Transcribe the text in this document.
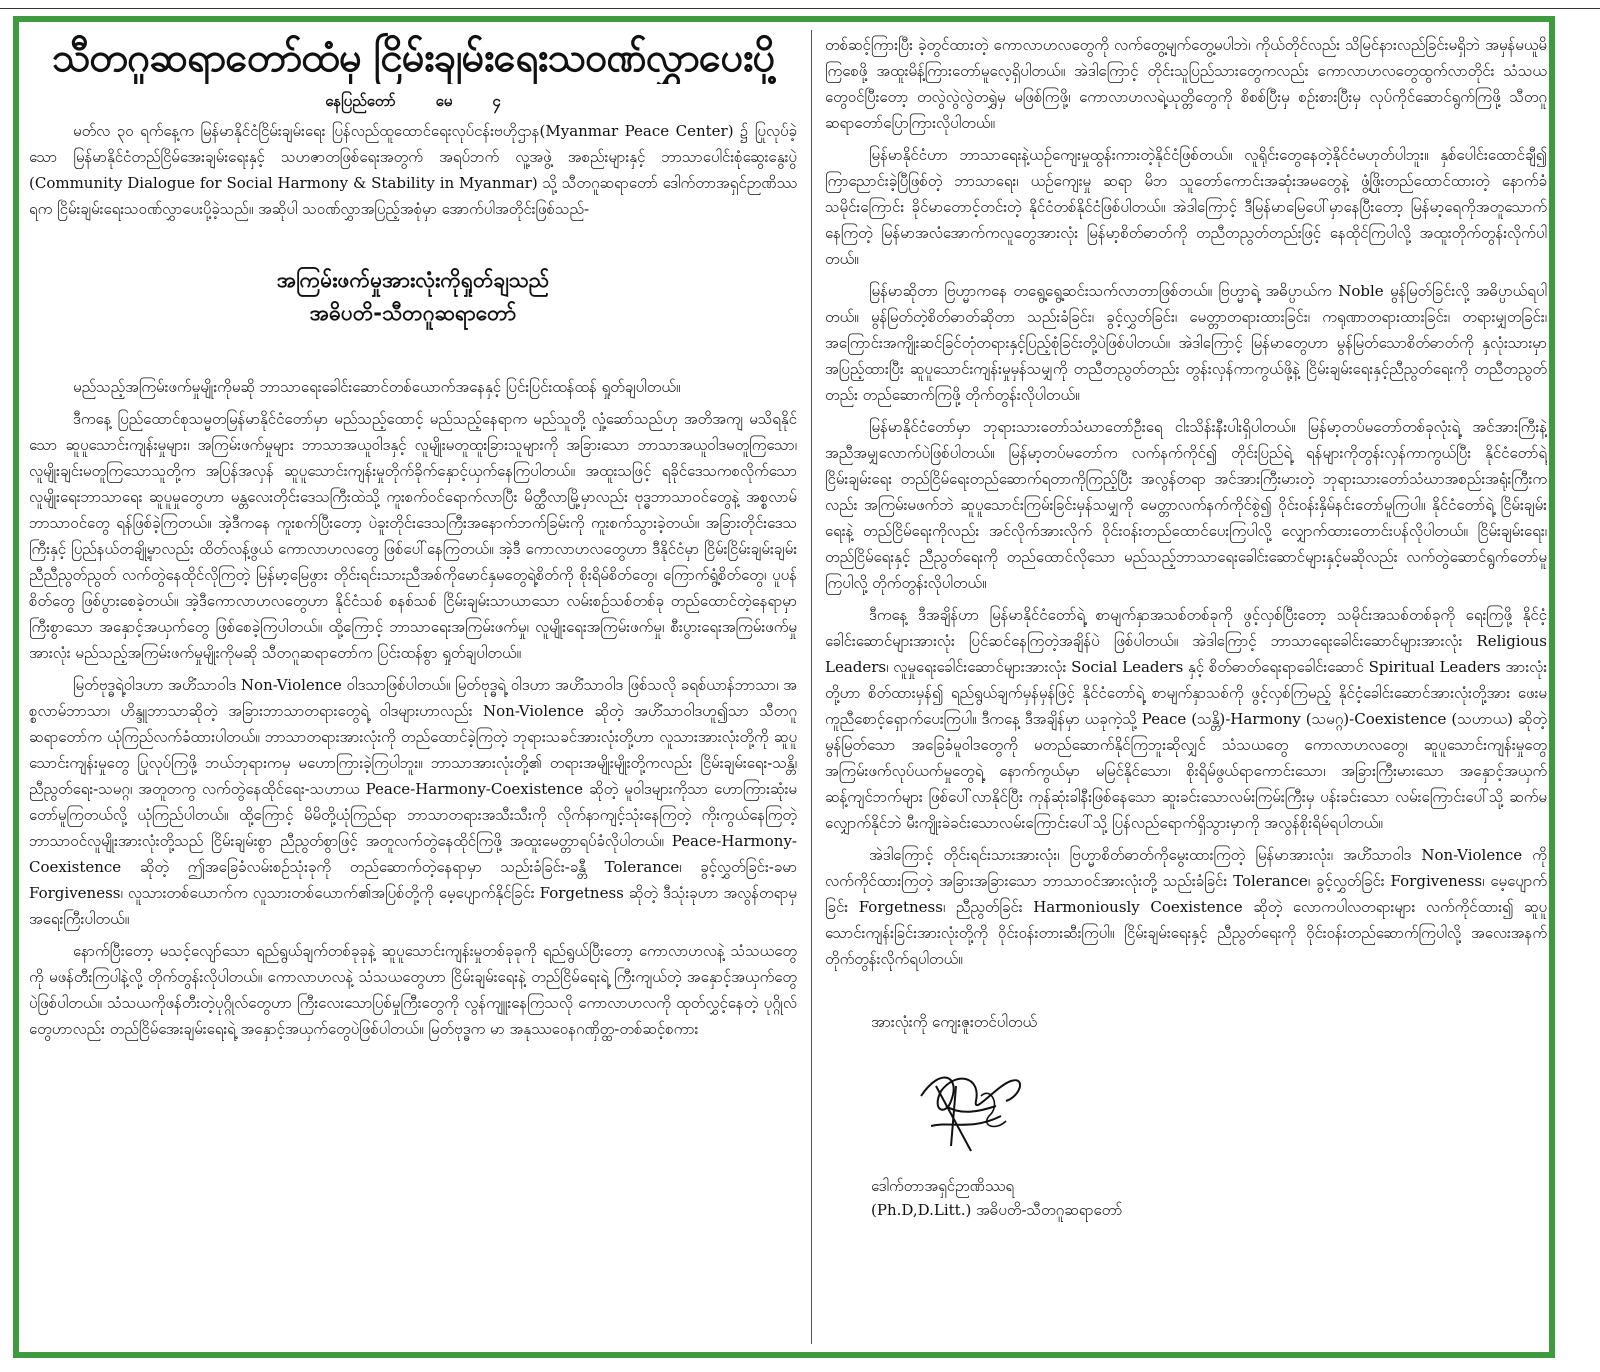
သီတဂူဆရာတော်ထံမှ ငြိမ်းချမ်းရေးသဝဏ်လွှာပေးပို့
နေပြည်တော်	မေ	၄

မတ်လ ၃၀ ရက်နေ့က မြန်မာနိုင်ငံငြိမ်းချမ်းရေး ပြန်လည်ထူထောင်ရေးလုပ်ငန်းဗဟိုဌာန(Myanmar Peace Center) ၌ ပြုလုပ်ခဲ့သော မြန်မာနိုင်ငံတည်ငြိမ်အေးချမ်းရေးနှင့် သဟဇာတဖြစ်ရေးအတွက် အရပ်ဘက် လူ့အဖွဲ့ အစည်းများနှင့် ဘာသာပေါင်းစုံဆွေးနွေးပွဲ (Community Dialogue for Social Harmony & Stability in Myanmar) သို့ သီတဂူဆရာတော် ဒေါက်တာအရှင်ဉာဏိဿရက ငြိမ်းချမ်းရေးသဝဏ်လွှာပေးပို့ခဲ့သည်။ အဆိုပါ သဝဏ်လွှာအပြည့်အစုံမှာ အောက်ပါအတိုင်းဖြစ်သည်-

အကြမ်းဖက်မှုအားလုံးကိုရှုတ်ချသည်
အဓိပတိ-သီတဂူဆရာတော်

မည်သည့်အကြမ်းဖက်မှုမျိုးကိုမဆို ဘာသာရေးခေါင်းဆောင်တစ်ယောက်အနေနှင့် ပြင်းပြင်းထန်ထန် ရှုတ်ချပါတယ်။

ဒီကနေ့ ပြည်ထောင်စုသမ္မတမြန်မာနိုင်ငံတော်မှာ မည်သည့်ထောင့် မည်သည့်နေရာက မည်သူတို့ လှုံ့ဆော်သည်ဟု အတိအကျ မသိရနိုင်သော ဆူပူသောင်းကျန်းမှုများ၊ အကြမ်းဖက်မှုများ ဘာသာအယူဝါဒနှင့် လူမျိုးမတူထူးခြားသူများကို အခြားသော ဘာသာအယူဝါဒမတူကြသော၊ လူမျိုးချင်းမတူကြသောသူတို့က အပြန်အလှန် ဆူပူသောင်းကျန်းမှုတိုက်ခိုက်နှောင့်ယှက်နေကြပါတယ်။ အထူးသဖြင့် ရခိုင်ဒေသကစလိုက်သော လူမျိုးရေးဘာသာရေး ဆူပူမှုတွေဟာ မန္တလေးတိုင်းဒေသကြီးထဲသို့ ကူးစက်ဝင်ရောက်လာပြီး မိတ္ထီလာမြို့မှာလည်း ဗုဒ္ဓဘာသာဝင်တွေနဲ့ အစ္စလာမ်ဘာသာဝင်တွေ ရန်ဖြစ်ခဲ့ကြတယ်။ အဲ့ဒီကနေ ကူးစက်ပြီးတော့ ပဲခူးတိုင်းဒေသကြီးအနောက်ဘက်ခြမ်းကို ကူးစက်သွားခဲ့တယ်။ အခြားတိုင်းဒေသကြီးနှင့် ပြည်နယ်တချို့မှာလည်း ထိတ်လန့်ဖွယ် ကောလာဟလတွေ ဖြစ်ပေါ်နေကြတယ်။ အဲ့ဒီ ကောလာဟလတွေဟာ ဒီနိုင်ငံမှာ ငြိမ်းငြိမ်းချမ်းချမ်း ညီညီညွတ်ညွတ် လက်တွဲနေထိုင်လိုကြတဲ့ မြန်မာ့မြေဖွား တိုင်းရင်းသားညီအစ်ကိုမောင်နှမတွေရဲ့စိတ်ကို စိုးရိမ်စိတ်တွေ၊ ကြောက်ရွံ့စိတ်တွေ၊ ပူပန်စိတ်တွေ ဖြစ်ပွားစေခဲ့တယ်။ အဲ့ဒီကောလာဟလတွေဟာ နိုင်ငံသစ် စနစ်သစ် ငြိမ်းချမ်းသာယာသော လမ်းစဉ်သစ်တစ်ခု တည်ထောင်တဲ့နေရာမှာ ကြီးစွာသော အနှောင့်အယှက်တွေ ဖြစ်စေခဲ့ကြပါတယ်။ ထို့ကြောင့် ဘာသာရေးအကြမ်းဖက်မှု၊ လူမျိုးရေးအကြမ်းဖက်မှု၊ စီးပွားရေးအကြမ်းဖက်မှုအားလုံး မည်သည့်အကြမ်းဖက်မှုမျိုးကိုမဆို သီတဂူဆရာတော်က ပြင်းထန်စွာ ရှုတ်ချပါတယ်။

မြတ်ဗုဒ္ဓရဲ့ဝါဒဟာ အဟိံသာဝါဒ Non-Violence ဝါဒသာဖြစ်ပါတယ်။ မြတ်ဗုဒ္ဓရဲ့ ဝါဒဟာ အဟိံသာဝါဒ ဖြစ်သလို ခရစ်ယာန်ဘာသာ၊ အစ္စလာမ်ဘာသာ၊ ဟိန္ဒူဘာသာဆိုတဲ့ အခြားဘာသာတရားတွေရဲ့ ဝါဒများဟာလည်း Non-Violence ဆိုတဲ့ အဟိံသာဝါဒဟူ၍သာ သီတဂူဆရာတော်က ယုံကြည်လက်ခံထားပါတယ်။ ဘာသာတရားအားလုံးကို တည်ထောင်ခဲ့ကြတဲ့ ဘုရားသခင်အားလုံးတို့ဟာ လူသားအားလုံးတို့ကို ဆူပူသောင်းကျန်းမှုတွေ ပြုလုပ်ကြဖို့ ဘယ်ဘုရားကမှ မဟောကြားခဲ့ကြပါဘူး။ ဘာသာအားလုံးတို့၏ တရားအမျိုးမျိုးတို့ကလည်း ငြိမ်းချမ်းရေး-သန္တိ၊ ညီညွတ်ရေး-သမဂ္ဂ၊ အတူတကွ လက်တွဲနေထိုင်ရေး-သဟာယ Peace-Harmony-Coexistence ဆိုတဲ့ မူဝါဒများကိုသာ ဟောကြားဆုံးမတော်မူကြတယ်လို့ ယုံကြည်ပါတယ်။ ထို့ကြောင့် မိမိတို့ယုံကြည်ရာ ဘာသာတရားအသီးသီးကို လိုက်နာကျင့်သုံးနေကြတဲ့ ကိုးကွယ်နေကြတဲ့ ဘာသာဝင်လူမျိုးအားလုံးတို့သည် ငြိမ်းချမ်းစွာ ညီညွတ်စွာဖြင့် အတူလက်တွဲနေထိုင်ကြဖို့ အထူးမေတ္တာရပ်ခံလိုပါတယ်။ Peace-Harmony- Coexistence ဆိုတဲ့ ဤအခြေခံလမ်းစဉ်သုံးခုကို တည်ဆောက်တဲ့နေရာမှာ သည်းခံခြင်း-ခန္တီ Tolerance၊ ခွင့်လွှတ်ခြင်း-ခမာ Forgiveness၊ လူသားတစ်ယောက်က လူသားတစ်ယောက်၏အပြစ်တို့ကို မေ့ပျောက်နိုင်ခြင်း Forgetness ဆိုတဲ့ ဒီသုံးခုဟာ အလွန်တရာမှ အရေးကြီးပါတယ်။

နောက်ပြီးတော့ မသင့်လျော်သော ရည်ရွယ်ချက်တစ်ခုခုနဲ့ ဆူပူသောင်းကျန်းမှုတစ်ခုခုကို ရည်ရွယ်ပြီးတော့ ကောလာဟလနဲ့ သံသယတွေကို မဖန်တီးကြပါနဲ့လို့ တိုက်တွန်းလိုပါတယ်။ ကောလာဟလနဲ့ သံသယတွေဟာ ငြိမ်းချမ်းရေးနဲ့ တည်ငြိမ်ရေးရဲ့ ကြီးကျယ်တဲ့ အနှောင့်အယှက်တွေပဲဖြစ်ပါတယ်။ သံသယကိုဖန်တီးတဲ့ပုဂ္ဂိုလ်တွေဟာ ကြီးလေးသောပြစ်မှုကြီးတွေကို လွန်ကျူးနေကြသလို ကောလာဟလကို ထုတ်လွှင့်နေတဲ့ ပုဂ္ဂိုလ်တွေဟာလည်း တည်ငြိမ်အေးချမ်းရေးရဲ့ အနှောင့်အယှက်တွေပဲဖြစ်ပါတယ်။ မြတ်ဗုဒ္ဓက မာ အနုဿဝေနဂဏှိတ္ထ-တစ်ဆင့်စကား

တစ်ဆင့်ကြားပြီး ခဲ့တွင်ထားတဲ့ ကောလာဟလတွေကို လက်တွေ့မျက်တွေ့မပါဘဲ၊ ကိုယ်တိုင်လည်း သိမြင်နားလည်ခြင်းမရှိဘဲ အမှန်မယူမိကြစေဖို့ အထူးမိန့်ကြားတော်မူလေ့ရှိပါတယ်။ အဲဒါကြောင့် တိုင်းသူပြည်သားတွေကလည်း ကောလာဟလတွေထွက်လာတိုင်း သံသယတွေဝင်ပြီးတော့ တလွဲလွဲလွဲတရွှဲမှ မဖြစ်ကြဖို့၊ ကောလာဟလရဲ့ယုတ္တိတွေကို စိစစ်ပြီးမှ စဉ်းစားပြီးမှ လုပ်ကိုင်ဆောင်ရွက်ကြဖို့ သီတဂူဆရာတော်ပြောကြားလိုပါတယ်။

မြန်မာနိုင်ငံဟာ ဘာသာရေးနဲ့ယဉ်ကျေးမှုထွန်းကားတဲ့နိုင်ငံဖြစ်တယ်။ လူရိုင်းတွေနေတဲ့နိုင်ငံမဟုတ်ပါဘူး။ နှစ်ပေါင်းထောင်ချီ၍ ကြာညောင်းခဲ့ပြီဖြစ်တဲ့ ဘာသာရေး၊ ယဉ်ကျေးမှု ဆရာ မိဘ သူတော်ကောင်းအဆုံးအမတွေနဲ့ ဖွံ့ဖြိုးတည်ထောင်ထားတဲ့ နောက်ခံသမိုင်းကြောင်း ခိုင်မာတောင့်တင်းတဲ့ နိုင်ငံတစ်နိုင်ငံဖြစ်ပါတယ်။ အဲဒါကြောင့် ဒီမြန်မာမြေပေါ်မှာနေပြီးတော့ မြန်မာ့ရေကိုအတူသောက်နေကြတဲ့ မြန်မာအလံအောက်ကလူတွေအားလုံး မြန်မာ့စိတ်ဓာတ်ကို တညီတညွတ်တည်းဖြင့် နေထိုင်ကြပါလို့ အထူးတိုက်တွန်းလိုက်ပါတယ်။

မြန်မာဆိုတာ ဗြဟ္မာကနေ တရွေ့ရွေ့ဆင်းသက်လာတာဖြစ်တယ်။ ဗြဟ္မာရဲ့ အဓိပ္ပာယ်က Noble မွန်မြတ်ခြင်းလို့ အဓိပ္ပာယ်ရပါတယ်။ မွန်မြတ်တဲ့စိတ်ဓာတ်ဆိုတာ သည်းခံခြင်း၊ ခွင့်လွှတ်ခြင်း၊ မေတ္တာတရားထားခြင်း၊ ကရုဏာတရားထားခြင်း၊ တရားမျှတခြင်း၊ အကြောင်းအကျိုးဆင်ခြင်တုံတရားနှင့်ပြည့်စုံခြင်းတို့ပဲဖြစ်ပါတယ်။ အဲဒါကြောင့် မြန်မာတွေဟာ မွန်မြတ်သောစိတ်ဓာတ်ကို နှလုံးသားမှာ အပြည့်ထားပြီး ဆူပူသောင်းကျန်းမှုမှန်သမျှကို တညီတညွတ်တည်း တွန်းလှန်ကာကွယ်ဖို့နဲ့ ငြိမ်းချမ်းရေးနှင့်ညီညွတ်ရေးကို တညီတညွတ်တည်း တည်ဆောက်ကြဖို့ တိုက်တွန်းလိုပါတယ်။

မြန်မာနိုင်ငံတော်မှာ ဘုရားသားတော်သံဃာတော်ဦးရေ ငါးသိန်းနီးပါးရှိပါတယ်။ မြန်မာ့တပ်မတော်တစ်ခုလုံးရဲ့ အင်အားကြီးနဲ့ အညီအမျှလောက်ပဲဖြစ်ပါတယ်။ မြန်မာ့တပ်မတော်က လက်နက်ကိုင်၍ တိုင်းပြည်ရဲ့ ရန်များကိုတွန်းလှန်ကာကွယ်ပြီး နိုင်ငံတော်ရဲ့ ငြိမ်းချမ်းရေး တည်ငြိမ်ရေးတည်ဆောက်ရတာကိုကြည့်ပြီး အလွန်တရာ အင်အားကြီးမားတဲ့ ဘုရားသားတော်သံဃာအစည်းအရုံးကြီးကလည်း အကြမ်းမဖက်ဘဲ ဆူပူသောင်းကြမ်းခြင်းမှန်သမျှကို မေတ္တာလက်နက်ကိုင်စွဲ၍ ဝိုင်းဝန်းနှိမ်နင်းတော်မူကြပါ။ နိုင်ငံတော်ရဲ့ ငြိမ်းချမ်းရေးနဲ့ တည်ငြိမ်ရေးကိုလည်း အင်လိုက်အားလိုက် ဝိုင်းဝန်းတည်ထောင်ပေးကြပါလို့ လျှောက်ထားတောင်းပန်လိုပါတယ်။ ငြိမ်းချမ်းရေး၊ တည်ငြိမ်ရေးနှင့် ညီညွတ်ရေးကို တည်ထောင်လိုသော မည်သည့်ဘာသာရေးခေါင်းဆောင်များနှင့်မဆိုလည်း လက်တွဲဆောင်ရွက်တော်မူကြပါလို့ တိုက်တွန်းလိုပါတယ်။

ဒီကနေ့ ဒီအချိန်ဟာ မြန်မာနိုင်ငံတော်ရဲ့ စာမျက်နှာအသစ်တစ်ခုကို ဖွင့်လှစ်ပြီးတော့ သမိုင်းအသစ်တစ်ခုကို ရေးကြဖို့ နိုင်ငံ့ခေါင်းဆောင်များအားလုံး ပြင်ဆင်နေကြတဲ့အချိန်ပဲ ဖြစ်ပါတယ်။ အဲဒါကြောင့် ဘာသာရေးခေါင်းဆောင်များအားလုံး Religious Leaders၊ လူမှုရေးခေါင်းဆောင်များအားလုံး Social Leaders နှင့် စိတ်ဓာတ်ရေးရာခေါင်းဆောင် Spiritual Leaders အားလုံးတို့ဟာ စိတ်ထားမှန်၍ ရည်ရွယ်ချက်မှန်မှန်ဖြင့် နိုင်ငံတော်ရဲ့ စာမျက်နှာသစ်ကို ဖွင့်လှစ်ကြမည့် နိုင်ငံ့ခေါင်းဆောင်အားလုံးတို့အား ဖေးမကူညီစောင့်ရှောက်ပေးကြပါ။ ဒီကနေ့ ဒီအချိန်မှာ ယခုကဲ့သို့ Peace (သန္တိ)-Harmony (သမဂ္ဂ)-Coexistence (သဟာယ) ဆိုတဲ့ မွန်မြတ်သော အခြေခံမူဝါဒတွေကို မတည်ဆောက်နိုင်ကြဘူးဆိုလျှင် သံသယတွေ ကောလာဟလတွေ၊ ဆူပူသောင်းကျန်းမှုတွေ အကြမ်းဖက်လုပ်ယက်မှုတွေရဲ့ နောက်ကွယ်မှာ မမြင်နိုင်သော၊ စိုးရိမ်ဖွယ်ရာကောင်းသော၊ အခြားကြီးမားသော အနှောင့်အယှက်ဆန့်ကျင်ဘက်များ ဖြစ်ပေါ်လာနိုင်ပြီး ကုန်ဆုံးခါနီးဖြစ်နေသော ဆူးခင်းသောလမ်းကြမ်းကြီးမှ ပန်းခင်းသော လမ်းကြောင်းပေါ်သို့ ဆက်မလျှောက်နိုင်ဘဲ မီးကျိုးခဲခင်းသောလမ်းကြောင်းပေါ်သို့ ပြန်လည်ရောက်ရှိသွားမှာကို အလွန်စိုးရိမ်ရပါတယ်။

အဲဒါကြောင့် တိုင်းရင်းသားအားလုံး၊ ဗြဟ္မာစိတ်ဓာတ်ကိုမွေးထားကြတဲ့ မြန်မာအားလုံး၊ အဟိံသာဝါဒ Non-Violence ကိုလက်ကိုင်ထားကြတဲ့ အခြားအခြားသော ဘာသာဝင်အားလုံးတို့ သည်းခံခြင်း Tolerance၊ ခွင့်လွှတ်ခြင်း Forgiveness၊ မေ့ပျောက်ခြင်း Forgetness၊ ညီညွတ်ခြင်း Harmoniously Coexistence ဆိုတဲ့ လောကပါလတရားများ လက်ကိုင်ထား၍ ဆူပူသောင်းကျန်းခြင်းအားလုံးတို့ကို ဝိုင်းဝန်းတားဆီးကြပါ။ ငြိမ်းချမ်းရေးနှင့် ညီညွတ်ရေးကို ဝိုင်းဝန်းတည်ဆောက်ကြပါလို့ အလေးအနက် တိုက်တွန်းလိုက်ရပါတယ်။

အားလုံးကို ကျေးဇူးတင်ပါတယ်
ဒေါက်တာအရှင်ဉာဏိဿရ
(Ph.D,D.Litt.) အဓိပတိ-သီတဂူဆရာတော်
